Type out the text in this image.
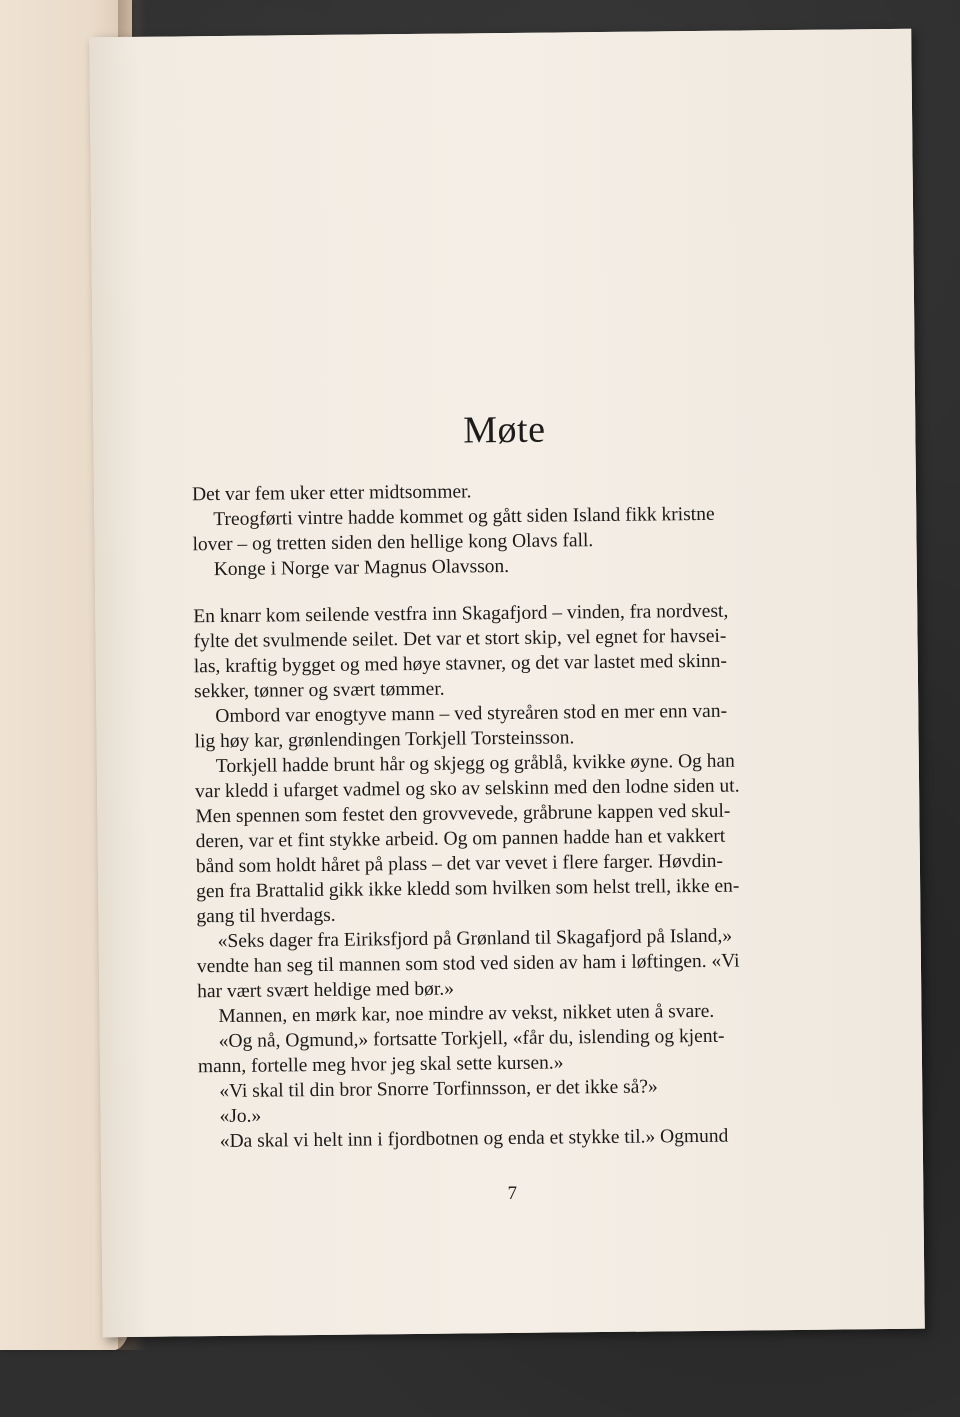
Møte
Det var fem uker etter midtsommer.
Treogførti vintre hadde kommet og gått siden Island fikk kristne
lover – og tretten siden den hellige kong Olavs fall.
Konge i Norge var Magnus Olavsson.
En knarr kom seilende vestfra inn Skagafjord – vinden, fra nordvest,
fylte det svulmende seilet. Det var et stort skip, vel egnet for havsei-
las, kraftig bygget og med høye stavner, og det var lastet med skinn-
sekker, tønner og svært tømmer.
Ombord var enogtyve mann – ved styreåren stod en mer enn van-
lig høy kar, grønlendingen Torkjell Torsteinsson.
Torkjell hadde brunt hår og skjegg og gråblå, kvikke øyne. Og han
var kledd i ufarget vadmel og sko av selskinn med den lodne siden ut.
Men spennen som festet den grovvevede, gråbrune kappen ved skul-
deren, var et fint stykke arbeid. Og om pannen hadde han et vakkert
bånd som holdt håret på plass – det var vevet i flere farger. Høvdin-
gen fra Brattalid gikk ikke kledd som hvilken som helst trell, ikke en-
gang til hverdags.
«Seks dager fra Eiriksfjord på Grønland til Skagafjord på Island,»
vendte han seg til mannen som stod ved siden av ham i løftingen. «Vi
har vært svært heldige med bør.»
Mannen, en mørk kar, noe mindre av vekst, nikket uten å svare.
«Og nå, Ogmund,» fortsatte Torkjell, «får du, islending og kjent-
mann, fortelle meg hvor jeg skal sette kursen.»
«Vi skal til din bror Snorre Torfinnsson, er det ikke så?»
«Jo.»
«Da skal vi helt inn i fjordbotnen og enda et stykke til.» Ogmund
7
